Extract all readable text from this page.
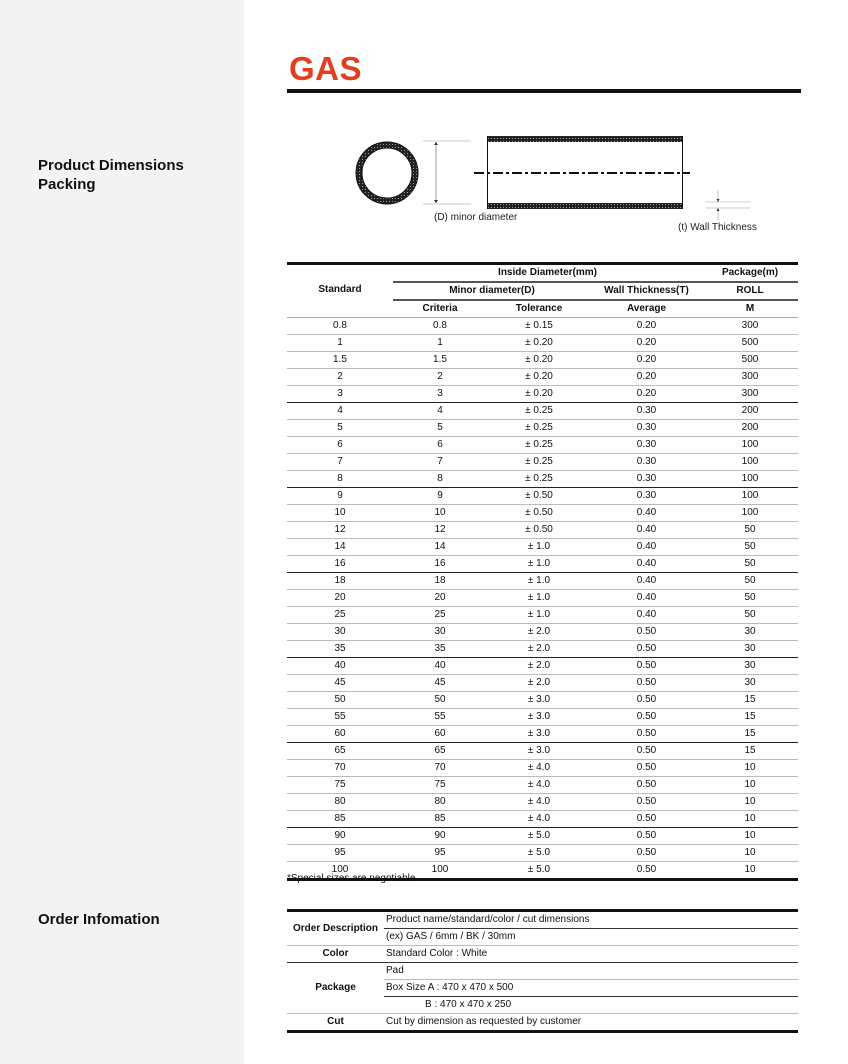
Product Dimensions
Packing
Order Infomation
GAS
(D) minor diameter
(t) Wall Thickness
Standard	Inside Diameter(mm)			Package(m)
	Minor diameter(D)		Wall Thickness(T)	ROLL
	Criteria	Tolerance	Average	M
0.8	0.8	± 0.15	0.20	300
1	1	± 0.20	0.20	500
1.5	1.5	± 0.20	0.20	500
2	2	± 0.20	0.20	300
3	3	± 0.20	0.20	300
4	4	± 0.25	0.30	200
5	5	± 0.25	0.30	200
6	6	± 0.25	0.30	100
7	7	± 0.25	0.30	100
8	8	± 0.25	0.30	100
9	9	± 0.50	0.30	100
10	10	± 0.50	0.40	100
12	12	± 0.50	0.40	50
14	14	± 1.0	0.40	50
16	16	± 1.0	0.40	50
18	18	± 1.0	0.40	50
20	20	± 1.0	0.40	50
25	25	± 1.0	0.40	50
30	30	± 2.0	0.50	30
35	35	± 2.0	0.50	30
40	40	± 2.0	0.50	30
45	45	± 2.0	0.50	30
50	50	± 3.0	0.50	15
55	55	± 3.0	0.50	15
60	60	± 3.0	0.50	15
65	65	± 3.0	0.50	15
70	70	± 4.0	0.50	10
75	75	± 4.0	0.50	10
80	80	± 4.0	0.50	10
85	85	± 4.0	0.50	10
90	90	± 5.0	0.50	10
95	95	± 5.0	0.50	10
100	100	± 5.0	0.50	10
*Special sizes are negotiable
Order Description	Product name/standard/color / cut dimensions
	(ex) GAS / 6mm / BK / 30mm
Color	Standard Color : White
Package	Pad
	Box Size A : 470 x 470 x 500
	B : 470 x 470 x 250
Cut	Cut by dimension as requested by customer
